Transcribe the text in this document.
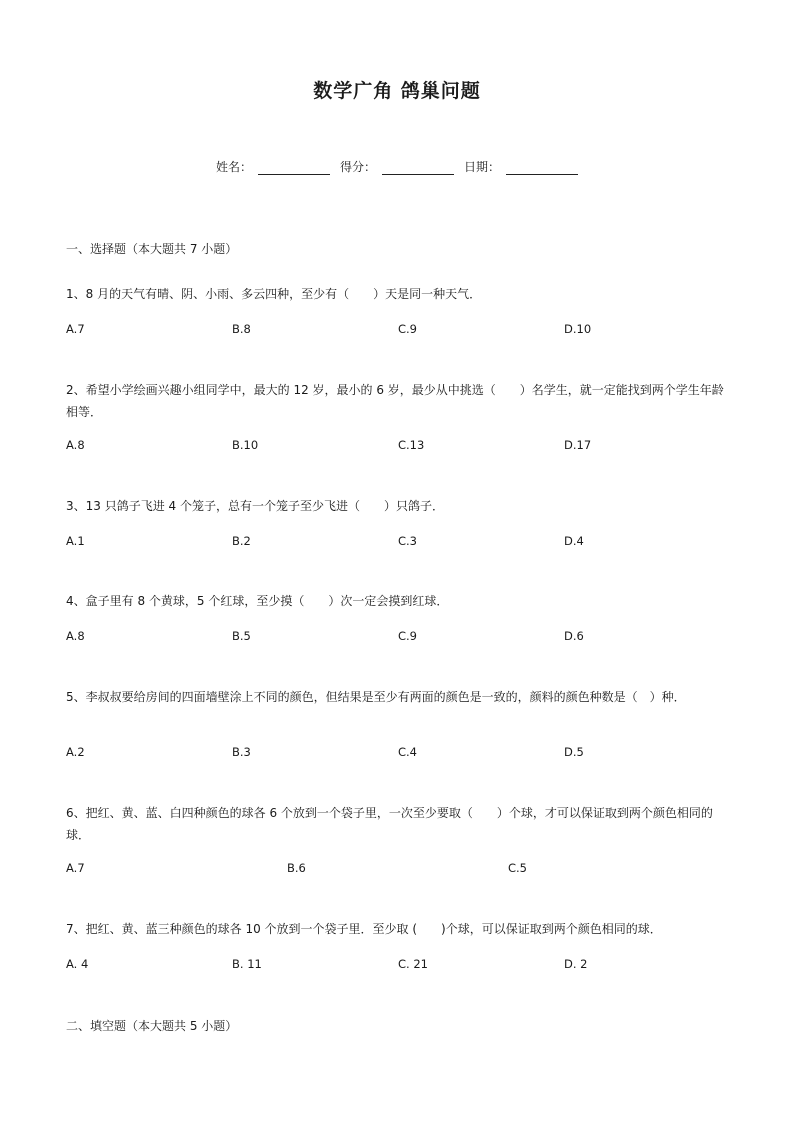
数学广角 鸽巢问题
姓名：	得分：	日期：
一、选择题（本大题共 7 小题）
1、8 月的天气有晴、阴、小雨、多云四种，至少有（　　）天是同一种天气．
A.7	B.8	C.9	D.10
2、希望小学绘画兴趣小组同学中，最大的 12 岁，最小的 6 岁，最少从中挑选（　　）名学生，就一定能找到两个学生年龄相等．
A.8	B.10	C.13	D.17
3、13 只鸽子飞进 4 个笼子，总有一个笼子至少飞进（　　）只鸽子．
A.1	B.2	C.3	D.4
4、盒子里有 8 个黄球，5 个红球，至少摸（　　）次一定会摸到红球．
A.8	B.5	C.9	D.6
5、李叔叔要给房间的四面墙壁涂上不同的颜色，但结果是至少有两面的颜色是一致的，颜料的颜色种数是（　）种．
A.2	B.3	C.4	D.5
6、把红、黄、蓝、白四种颜色的球各 6 个放到一个袋子里，一次至少要取（　　）个球，才可以保证取到两个颜色相同的球．
A.7	B.6	C.5
7、把红、黄、蓝三种颜色的球各 10 个放到一个袋子里．至少取 (　　)个球，可以保证取到两个颜色相同的球．
A. 4	B. 11	C. 21	D. 2
二、填空题（本大题共 5 小题）
